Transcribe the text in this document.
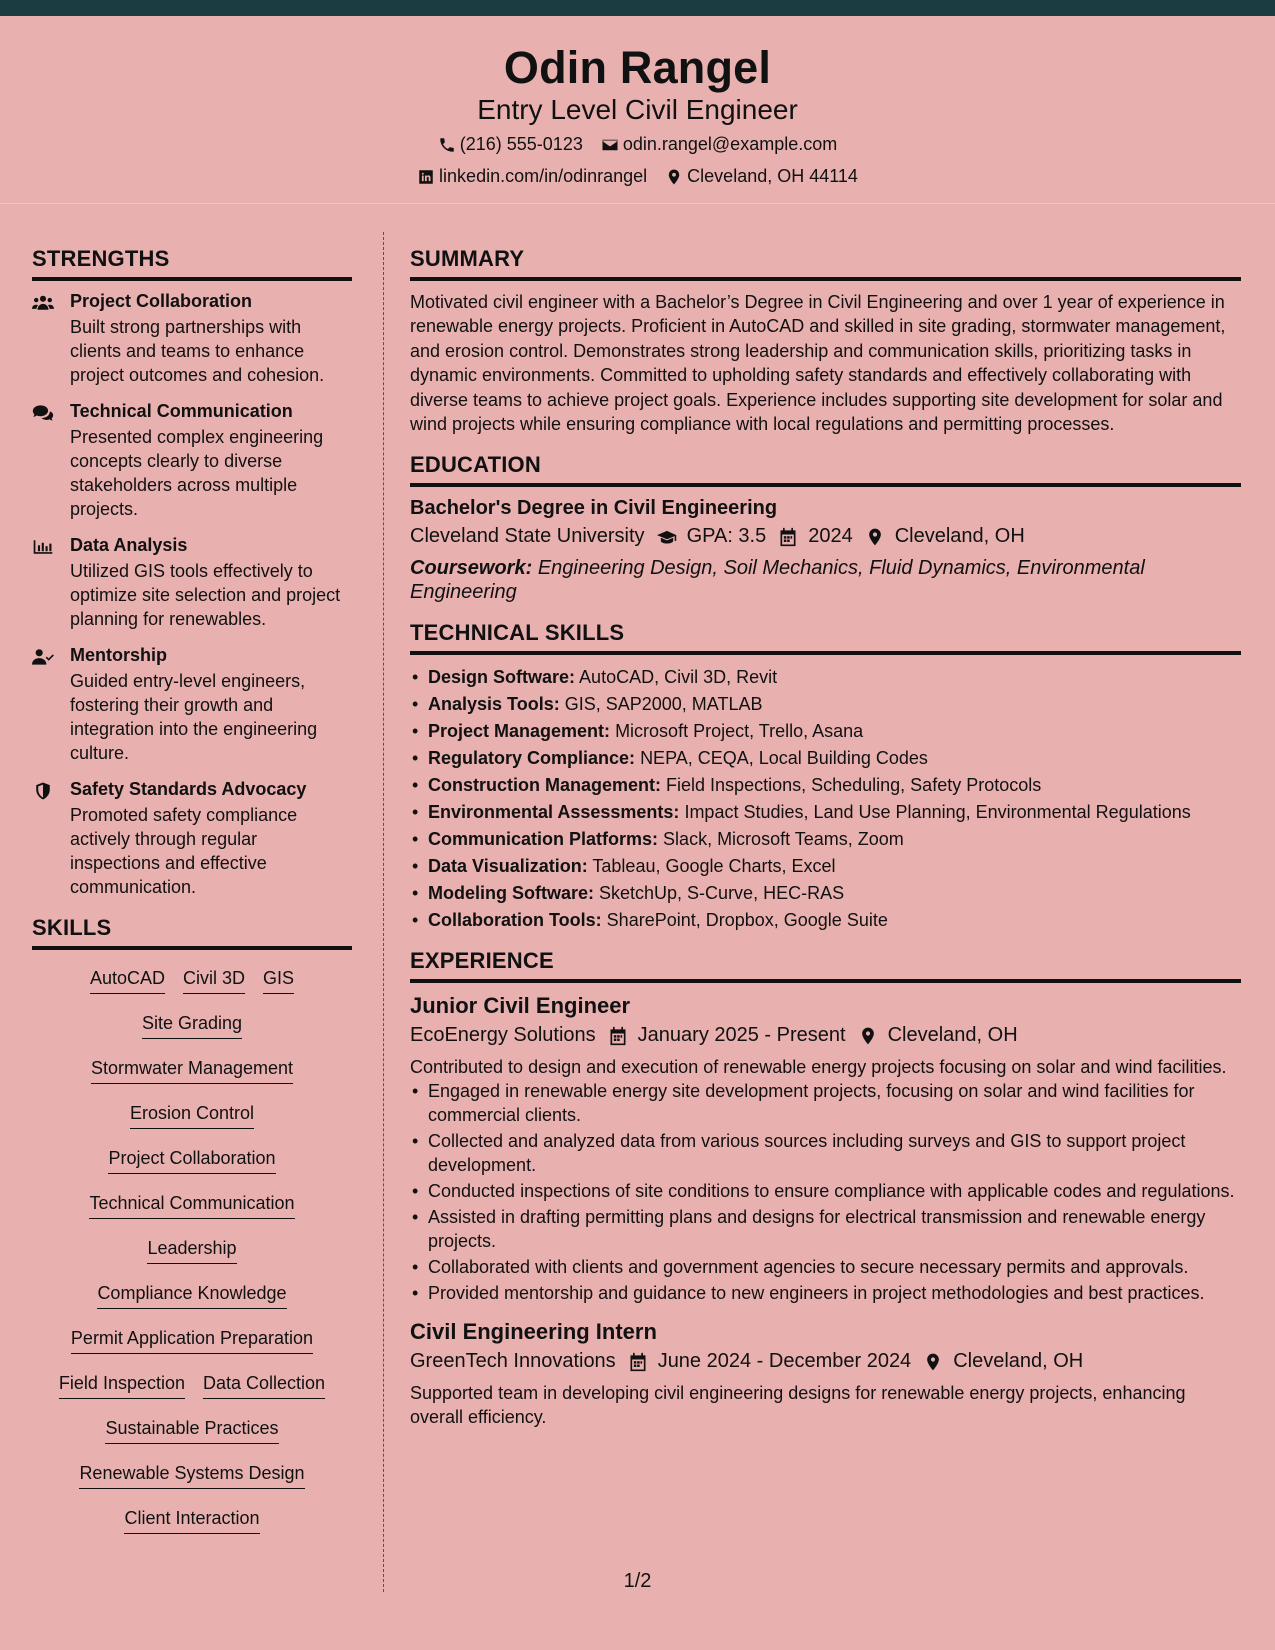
Odin Rangel
Entry Level Civil Engineer
(216) 555-0123 odin.rangel@example.com
linkedin.com/in/odinrangel Cleveland, OH 44114
STRENGTHS
Project Collaboration
Built strong partnerships with clients and teams to enhance project outcomes and cohesion.
Technical Communication
Presented complex engineering concepts clearly to diverse stakeholders across multiple projects.
Data Analysis
Utilized GIS tools effectively to optimize site selection and project planning for renewables.
Mentorship
Guided entry-level engineers, fostering their growth and integration into the engineering culture.
Safety Standards Advocacy
Promoted safety compliance actively through regular inspections and effective communication.
SKILLS
AutoCAD Civil 3D GIS
Site Grading
Stormwater Management
Erosion Control
Project Collaboration
Technical Communication
Leadership
Compliance Knowledge
Permit Application Preparation
Field Inspection Data Collection
Sustainable Practices
Renewable Systems Design
Client Interaction
SUMMARY
Motivated civil engineer with a Bachelor’s Degree in Civil Engineering and over 1 year of experience in renewable energy projects. Proficient in AutoCAD and skilled in site grading, stormwater management, and erosion control. Demonstrates strong leadership and communication skills, prioritizing tasks in dynamic environments. Committed to upholding safety standards and effectively collaborating with diverse teams to achieve project goals. Experience includes supporting site development for solar and wind projects while ensuring compliance with local regulations and permitting processes.
EDUCATION
Bachelor's Degree in Civil Engineering
Cleveland State University GPA: 3.5 2024 Cleveland, OH
Coursework: Engineering Design, Soil Mechanics, Fluid Dynamics, Environmental Engineering
TECHNICAL SKILLS
• Design Software: AutoCAD, Civil 3D, Revit
• Analysis Tools: GIS, SAP2000, MATLAB
• Project Management: Microsoft Project, Trello, Asana
• Regulatory Compliance: NEPA, CEQA, Local Building Codes
• Construction Management: Field Inspections, Scheduling, Safety Protocols
• Environmental Assessments: Impact Studies, Land Use Planning, Environmental Regulations
• Communication Platforms: Slack, Microsoft Teams, Zoom
• Data Visualization: Tableau, Google Charts, Excel
• Modeling Software: SketchUp, S-Curve, HEC-RAS
• Collaboration Tools: SharePoint, Dropbox, Google Suite
EXPERIENCE
Junior Civil Engineer
EcoEnergy Solutions January 2025 - Present Cleveland, OH
Contributed to design and execution of renewable energy projects focusing on solar and wind facilities.
• Engaged in renewable energy site development projects, focusing on solar and wind facilities for commercial clients.
• Collected and analyzed data from various sources including surveys and GIS to support project development.
• Conducted inspections of site conditions to ensure compliance with applicable codes and regulations.
• Assisted in drafting permitting plans and designs for electrical transmission and renewable energy projects.
• Collaborated with clients and government agencies to secure necessary permits and approvals.
• Provided mentorship and guidance to new engineers in project methodologies and best practices.
Civil Engineering Intern
GreenTech Innovations June 2024 - December 2024 Cleveland, OH
Supported team in developing civil engineering designs for renewable energy projects, enhancing overall efficiency.
1/2
